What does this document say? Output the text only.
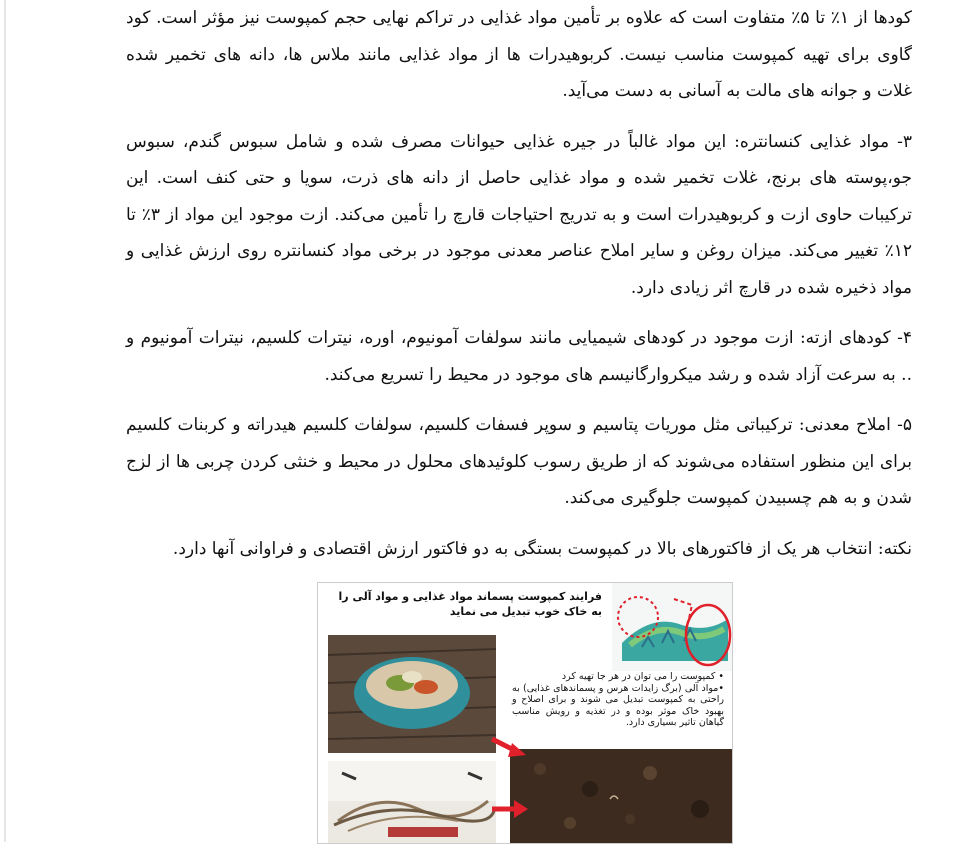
کودها از ۱٪ تا ۵٪ متفاوت است که علاوه بر تأمین مواد غذایی در تراکم نهایی حجم کمپوست نیز مؤثر است. کود گاوی برای تهیه کمپوست مناسب نیست. کربوهیدرات ها از مواد غذایی مانند ملاس ها، دانه های تخمیر شده غلات و جوانه های مالت به آسانی به دست می‌آید.

۳- مواد غذایی کنسانتره: این مواد غالباً در جیره غذایی حیوانات مصرف شده و شامل سبوس گندم، سبوس جو،پوسته های برنج، غلات تخمیر شده و مواد غذایی حاصل از دانه های ذرت، سویا و حتی کنف است. این ترکیبات حاوی ازت و کربوهیدرات است و به تدریج احتیاجات قارچ را تأمین می‌کند. ازت موجود این مواد از ۳٪ تا ۱۲٪ تغییر می‌کند. میزان روغن و سایر املاح عناصر معدنی موجود در برخی مواد کنسانتره روی ارزش غذایی و مواد ذخیره شده در قارچ اثر زیادی دارد.

۴- کودهای ازته: ازت موجود در کودهای شیمیایی مانند سولفات آمونیوم، اوره، نیترات کلسیم، نیترات آمونیوم و .. به سرعت آزاد شده و رشد میکروارگانیسم های موجود در محیط را تسریع می‌کند.

۵- املاح معدنی: ترکیباتی مثل موریات پتاسیم و سوپر فسفات کلسیم، سولفات کلسیم هیدراته و کربنات کلسیم برای این منظور استفاده می‌شوند که از طریق رسوب کلوئیدهای محلول در محیط و خنثی کردن چربی ها از لزج شدن و به هم چسبیدن کمپوست جلوگیری می‌کند.

نکته: انتخاب هر یک از فاکتورهای بالا در کمپوست بستگی به دو فاکتور ارزش اقتصادی و فراوانی آنها دارد.

فرایند کمپوست پسماند مواد غذایی و مواد آلی را به خاک خوب تبدیل می نماید
• کمپوست را می توان در هر جا تهیه کرد
•مواد آلی (برگ زایدات هرس و پسماندهای غذایی) به راحتی به کمپوست تبدیل می شوند و برای اصلاح و بهبود خاک موثر بوده و در تغذیه و رویش مناسب گیاهان تاثیر بسیاری دارد.
